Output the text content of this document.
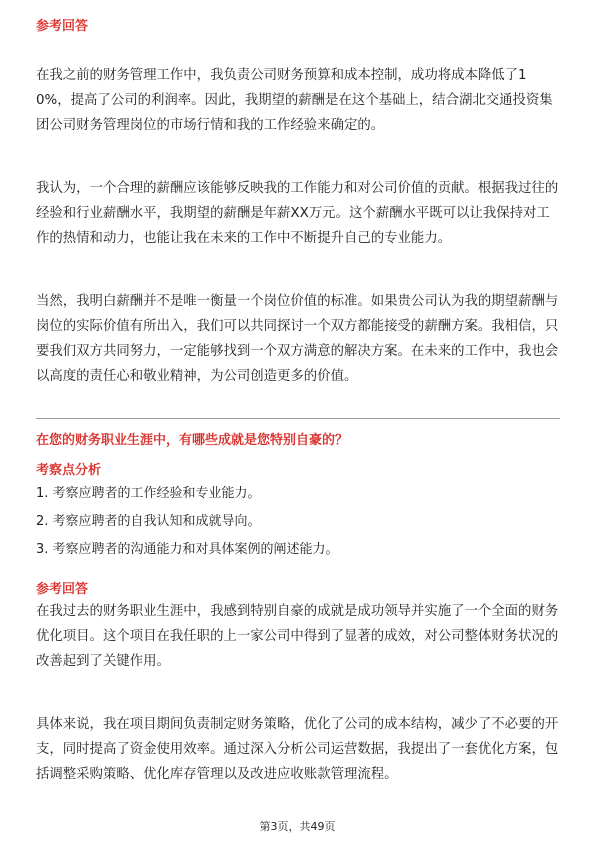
参考回答
在我之前的财务管理工作中，我负责公司财务预算和成本控制，成功将成本降低了10%，提高了公司的利润率。因此，我期望的薪酬是在这个基础上，结合湖北交通投资集团公司财务管理岗位的市场行情和我的工作经验来确定的。
我认为，一个合理的薪酬应该能够反映我的工作能力和对公司价值的贡献。根据我过往的经验和行业薪酬水平，我期望的薪酬是年薪XX万元。这个薪酬水平既可以让我保持对工作的热情和动力，也能让我在未来的工作中不断提升自己的专业能力。
当然，我明白薪酬并不是唯一衡量一个岗位价值的标准。如果贵公司认为我的期望薪酬与岗位的实际价值有所出入，我们可以共同探讨一个双方都能接受的薪酬方案。我相信，只要我们双方共同努力，一定能够找到一个双方满意的解决方案。在未来的工作中，我也会以高度的责任心和敬业精神，为公司创造更多的价值。
在您的财务职业生涯中，有哪些成就是您特别自豪的？
考察点分析
1. 考察应聘者的工作经验和专业能力。
2. 考察应聘者的自我认知和成就导向。
3. 考察应聘者的沟通能力和对具体案例的阐述能力。
参考回答
在我过去的财务职业生涯中，我感到特别自豪的成就是成功领导并实施了一个全面的财务优化项目。这个项目在我任职的上一家公司中得到了显著的成效，对公司整体财务状况的改善起到了关键作用。
具体来说，我在项目期间负责制定财务策略，优化了公司的成本结构，减少了不必要的开支，同时提高了资金使用效率。通过深入分析公司运营数据，我提出了一套优化方案，包括调整采购策略、优化库存管理以及改进应收账款管理流程。
第3页，共49页
